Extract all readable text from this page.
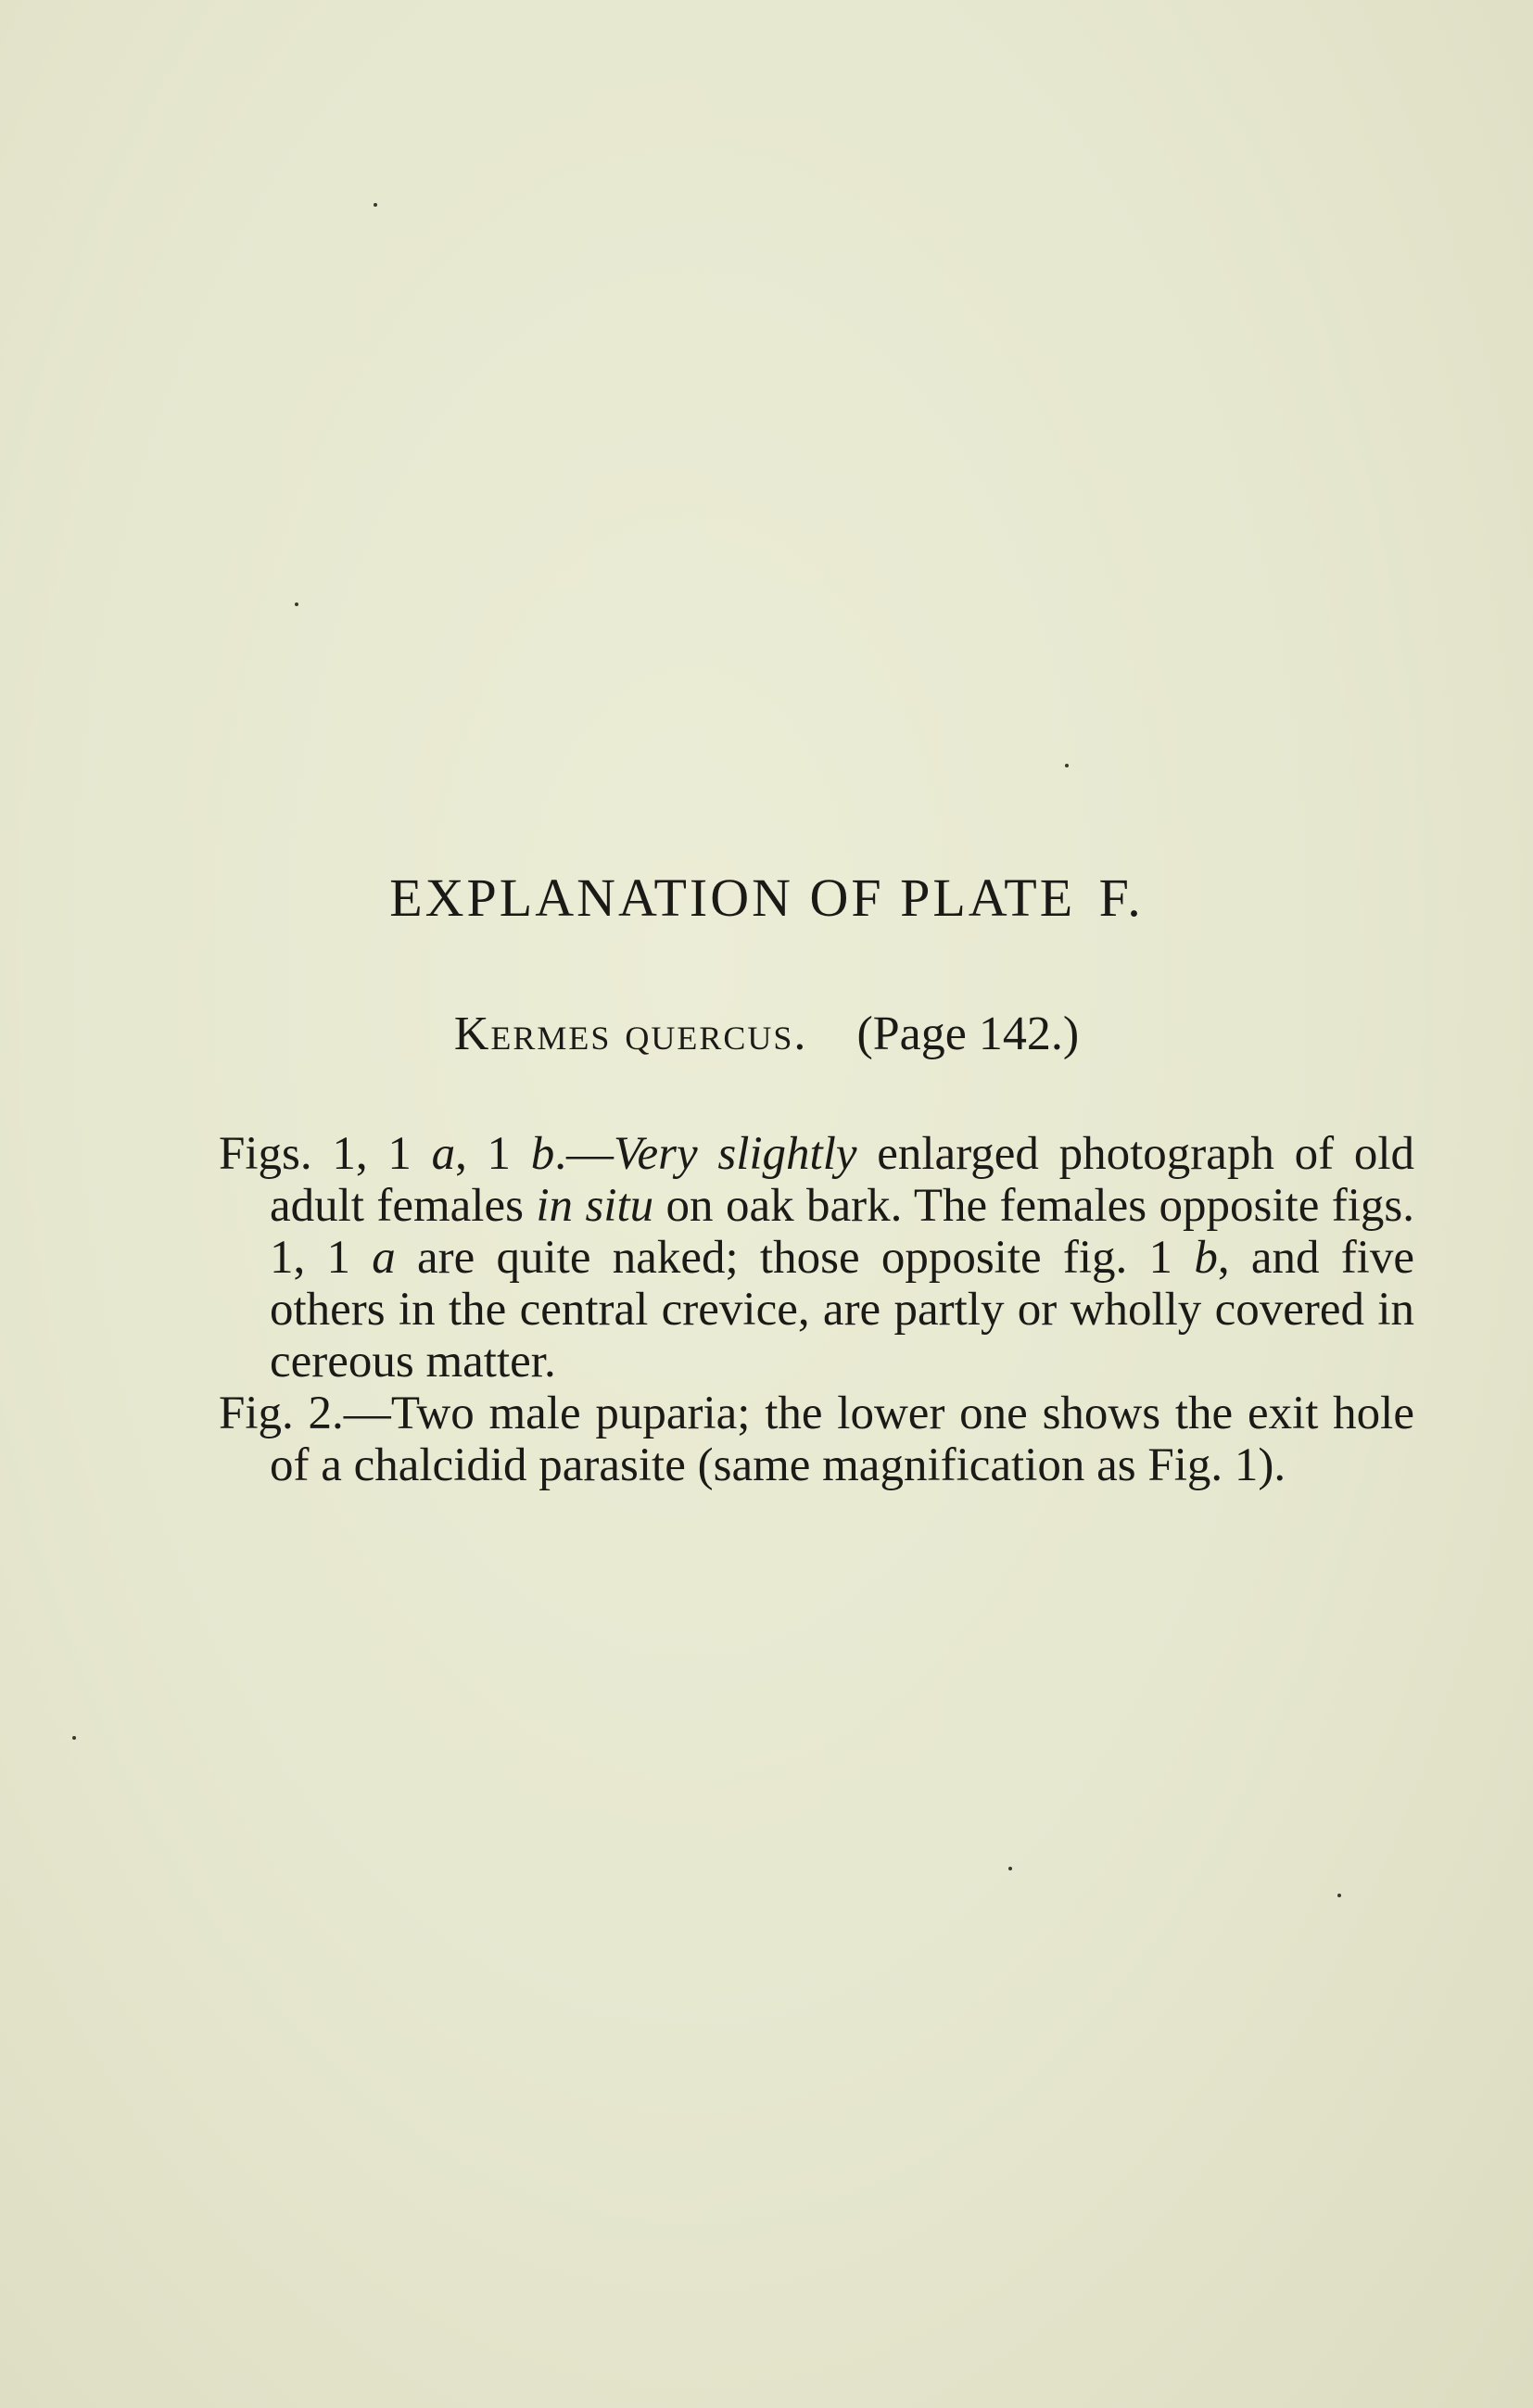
EXPLANATION OF PLATE F.
Kermes quercus. (Page 142.)

Figs. 1, 1 a, 1 b.—Very slightly enlarged photograph of old adult females in situ on oak bark. The females opposite figs. 1, 1 a are quite naked; those opposite fig. 1 b, and five others in the central crevice, are partly or wholly covered in cereous matter.

Fig. 2.—Two male puparia; the lower one shows the exit hole of a chalcidid parasite (same magnification as Fig. 1).
